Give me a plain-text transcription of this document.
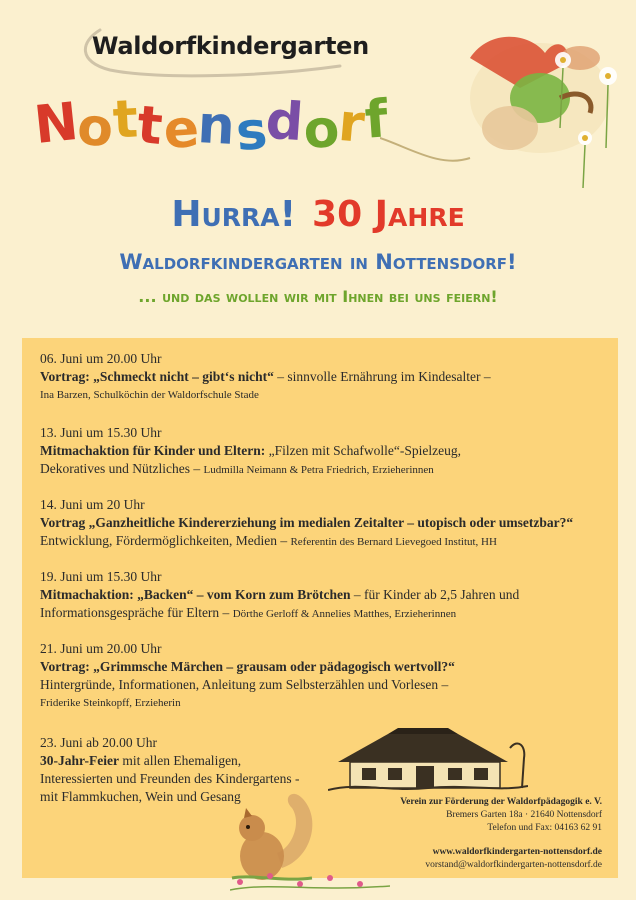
Waldorfkindergarten
Nottensdorf
Hurra! 30 Jahre
Waldorfkindergarten in Nottensdorf!
... und das wollen wir mit Ihnen bei uns feiern!
06. Juni um 20.00 Uhr
Vortrag: „Schmeckt nicht – gibt‘s nicht“ – sinnvolle Ernährung im Kindesalter –
Ina Barzen, Schulköchin der Waldorfschule Stade
13. Juni um 15.30 Uhr
Mitmachaktion für Kinder und Eltern: „Filzen mit Schafwolle“-Spielzeug,
Dekoratives und Nützliches – Ludmilla Neimann & Petra Friedrich, Erzieherinnen
14. Juni um 20 Uhr
Vortrag „Ganzheitliche Kindererziehung im medialen Zeitalter – utopisch oder umsetzbar?“
Entwicklung, Fördermöglichkeiten, Medien – Referentin des Bernard Lievegoed Institut, HH
19. Juni um 15.30 Uhr
Mitmachaktion: „Backen“ – vom Korn zum Brötchen – für Kinder ab 2,5 Jahren und
Informationsgespräche für Eltern – Dörthe Gerloff & Annelies Matthes, Erzieherinnen
21. Juni um 20.00 Uhr
Vortrag: „Grimmsche Märchen – grausam oder pädagogisch wertvoll?“
Hintergründe, Informationen, Anleitung zum Selbsterzählen und Vorlesen –
Friderike Steinkopff, Erzieherin
23. Juni ab 20.00 Uhr
30-Jahr-Feier mit allen Ehemaligen, Interessierten und Freunden des Kindergartens - mit Flammkuchen, Wein und Gesang	Verein zur Förderung der Waldorfpädagogik e. V.
Bremers Garten 18a · 21640 Nottensdorf
Telefon und Fax: 04163 62 91
www.waldorfkindergarten-nottensdorf.de
vorstand@waldorfkindergarten-nottensdorf.de
